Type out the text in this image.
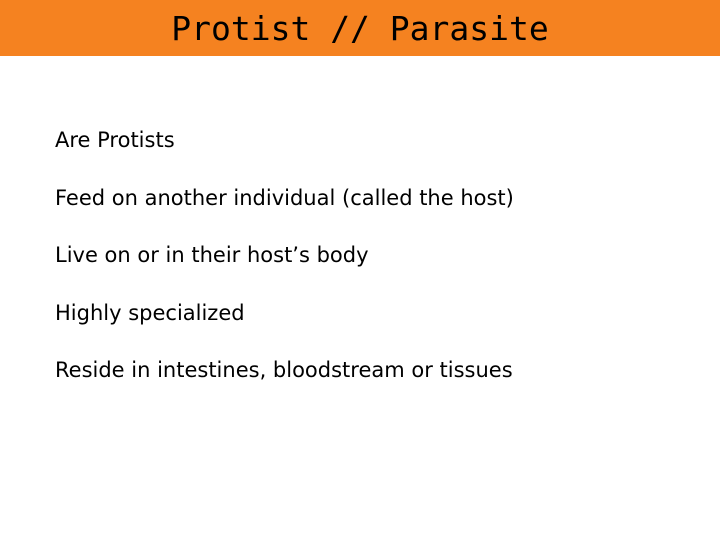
Protist // Parasite
Are Protists
Feed on another individual (called the host)
Live on or in their host’s body
Highly specialized
Reside in intestines, bloodstream or tissues
